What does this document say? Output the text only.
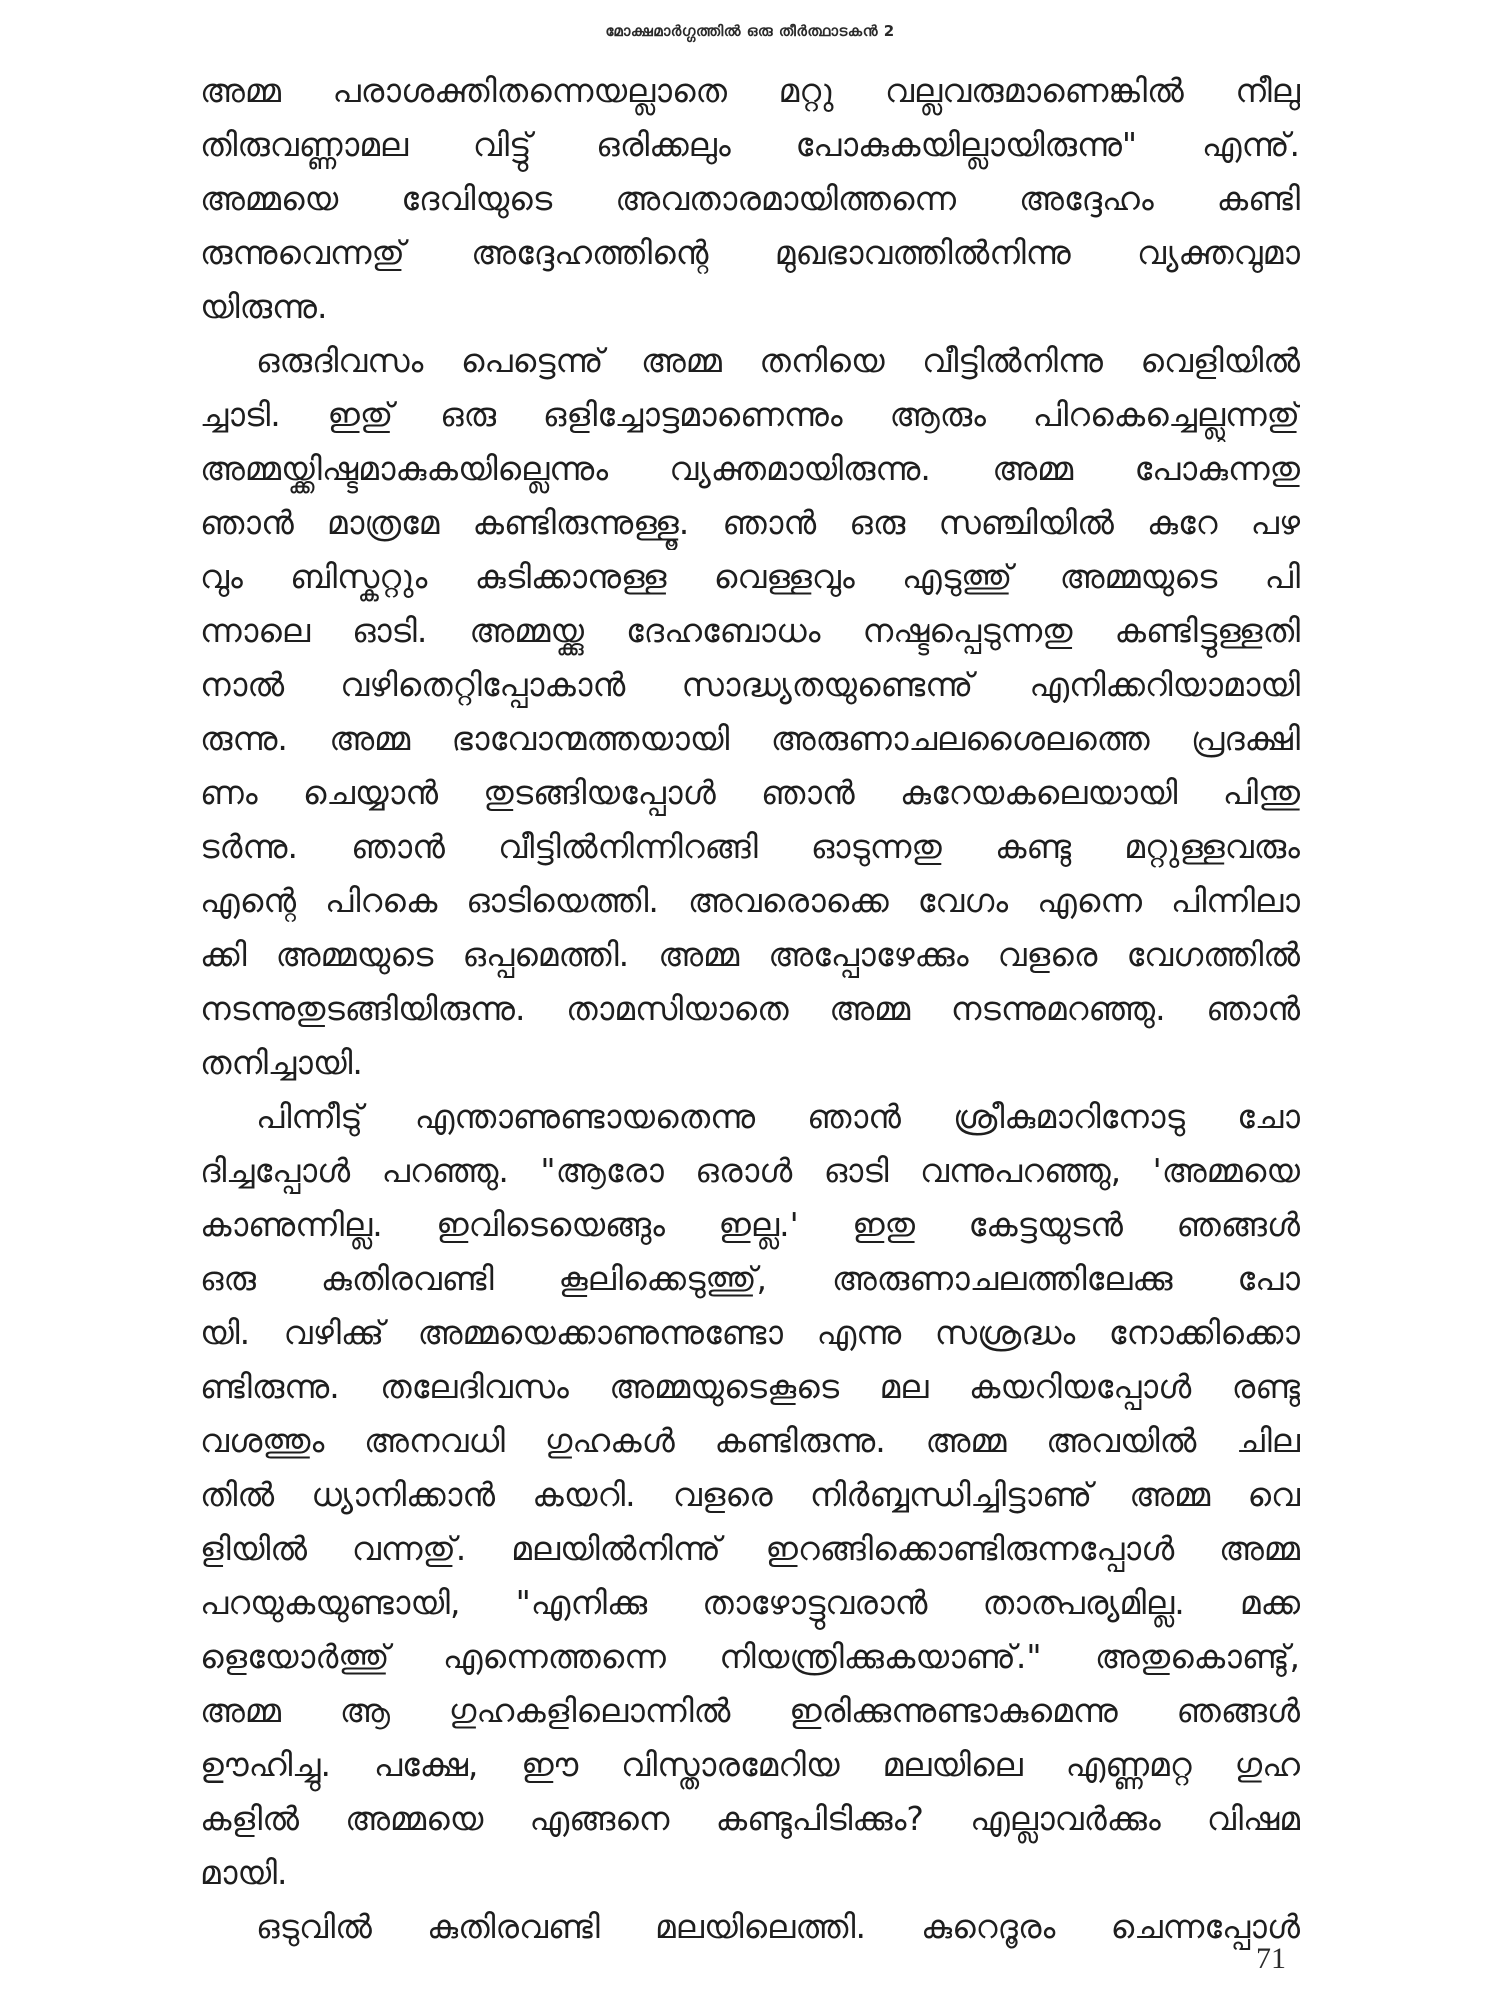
മോക്ഷമാർഗ്ഗത്തിൽ ഒരു തീർത്ഥാടകൻ 2
അമ്മ പരാശക്തിതന്നെയല്ലാതെ മറ്റു വല്ലവരുമാണെങ്കിൽ നീലു
തിരുവണ്ണാമല വിട്ടു് ഒരിക്കലും പോകുകയില്ലായിരുന്നു" എന്നു്.
അമ്മയെ ദേവിയുടെ അവതാരമായിത്തന്നെ അദ്ദേഹം കണ്ടി
രുന്നുവെന്നതു് അദ്ദേഹത്തിന്റെ മുഖഭാവത്തിൽനിന്നു വ്യക്തവുമാ
യിരുന്നു.
ഒരുദിവസം പെട്ടെന്നു് അമ്മ തനിയെ വീട്ടിൽനിന്നു വെളിയിൽ
ച്ചാടി. ഇതു് ഒരു ഒളിച്ചോട്ടമാണെന്നും ആരും പിറകെച്ചെല്ലുന്നതു്
അമ്മയ്ക്കിഷ്ടമാകുകയില്ലെന്നും വ്യക്തമായിരുന്നു. അമ്മ പോകുന്നതു
ഞാൻ മാത്രമേ കണ്ടിരുന്നുള്ളൂ. ഞാൻ ഒരു സഞ്ചിയിൽ കുറേ പഴ
വും ബിസ്കറ്റും കുടിക്കാനുള്ള വെള്ളവും എടുത്തു് അമ്മയുടെ പി
ന്നാലെ ഓടി. അമ്മയ്ക്കു ദേഹബോധം നഷ്ടപ്പെടുന്നതു കണ്ടിട്ടുള്ളതി
നാൽ വഴിതെറ്റിപ്പോകാൻ സാദ്ധ്യതയുണ്ടെന്നു് എനിക്കറിയാമായി
രുന്നു. അമ്മ ഭാവോന്മത്തയായി അരുണാചലശൈലത്തെ പ്രദക്ഷി
ണം ചെയ്യാൻ തുടങ്ങിയപ്പോൾ ഞാൻ കുറേയകലെയായി പിന്തു
ടർന്നു. ഞാൻ വീട്ടിൽനിന്നിറങ്ങി ഓടുന്നതു കണ്ടു മറ്റുള്ളവരും
എന്റെ പിറകെ ഓടിയെത്തി. അവരൊക്കെ വേഗം എന്നെ പിന്നിലാ
ക്കി അമ്മയുടെ ഒപ്പമെത്തി. അമ്മ അപ്പോഴേക്കും വളരെ വേഗത്തിൽ
നടന്നുതുടങ്ങിയിരുന്നു. താമസിയാതെ അമ്മ നടന്നുമറഞ്ഞു. ഞാൻ
തനിച്ചായി.
പിന്നീടു് എന്താണുണ്ടായതെന്നു ഞാൻ ശ്രീകുമാറിനോടു ചോ
ദിച്ചപ്പോൾ പറഞ്ഞു. "ആരോ ഒരാൾ ഓടി വന്നുപറഞ്ഞു, 'അമ്മയെ
കാണുന്നില്ല. ഇവിടെയെങ്ങും ഇല്ല.' ഇതു കേട്ടയുടൻ ഞങ്ങൾ
ഒരു കുതിരവണ്ടി കൂലിക്കെടുത്തു്, അരുണാചലത്തിലേക്കു പോ
യി. വഴിക്കു് അമ്മയെക്കാണുന്നുണ്ടോ എന്നു സശ്രദ്ധം നോക്കിക്കൊ
ണ്ടിരുന്നു. തലേദിവസം അമ്മയുടെകൂടെ മല കയറിയപ്പോൾ രണ്ടു
വശത്തും അനവധി ഗുഹകൾ കണ്ടിരുന്നു. അമ്മ അവയിൽ ചില
തിൽ ധ്യാനിക്കാൻ കയറി. വളരെ നിർബ്ബന്ധിച്ചിട്ടാണു് അമ്മ വെ
ളിയിൽ വന്നതു്. മലയിൽനിന്നു് ഇറങ്ങിക്കൊണ്ടിരുന്നപ്പോൾ അമ്മ
പറയുകയുണ്ടായി, "എനിക്കു താഴോട്ടുവരാൻ താത്പര്യമില്ല. മക്ക
ളെയോർത്തു് എന്നെത്തന്നെ നിയന്ത്രിക്കുകയാണു്." അതുകൊണ്ടു്,
അമ്മ ആ ഗുഹകളിലൊന്നിൽ ഇരിക്കുന്നുണ്ടാകുമെന്നു ഞങ്ങൾ
ഊഹിച്ചു. പക്ഷേ, ഈ വിസ്താരമേറിയ മലയിലെ എണ്ണമറ്റ ഗുഹ
കളിൽ അമ്മയെ എങ്ങനെ കണ്ടുപിടിക്കും? എല്ലാവർക്കും വിഷമ
മായി.
ഒടുവിൽ കുതിരവണ്ടി മലയിലെത്തി. കുറെദൂരം ചെന്നപ്പോൾ
71
